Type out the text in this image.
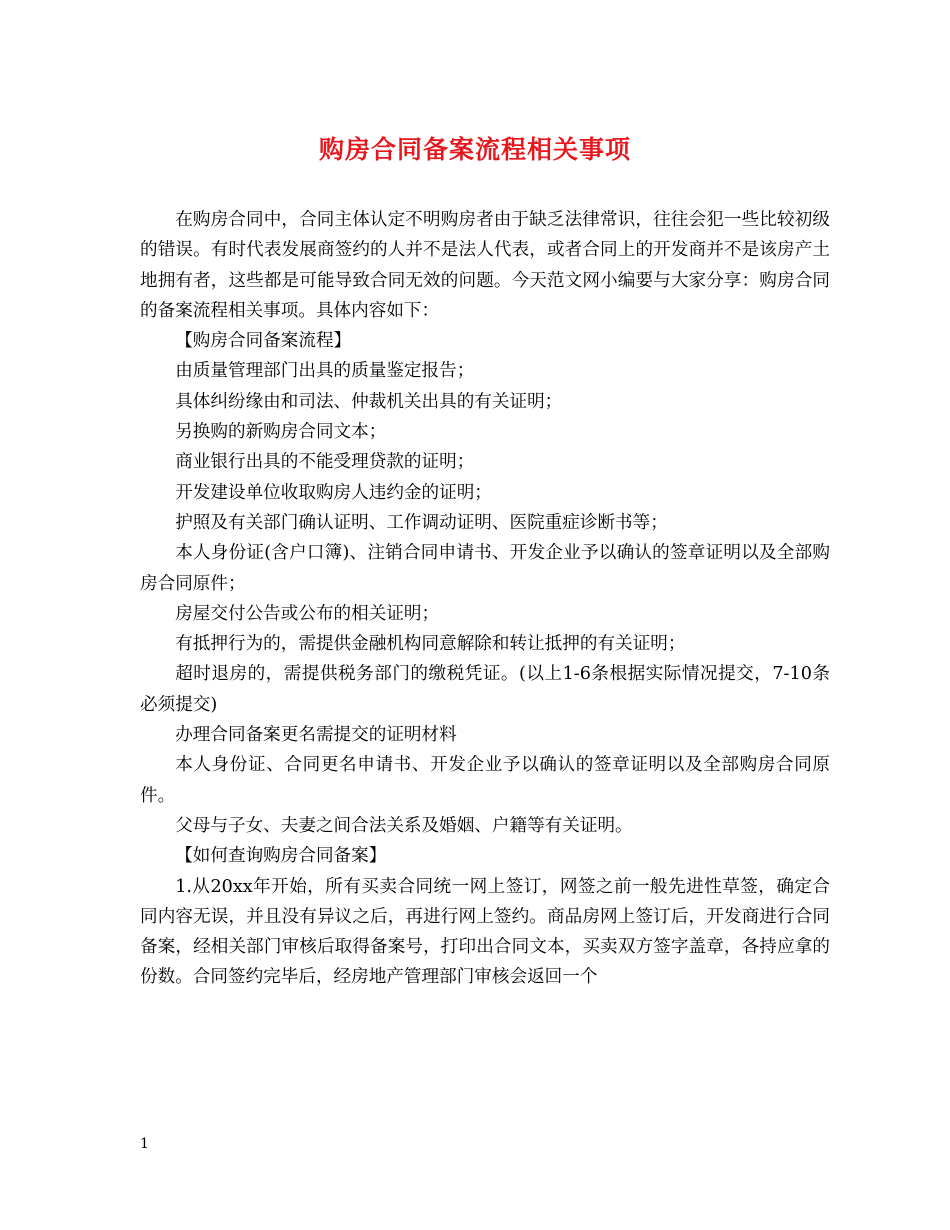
购房合同备案流程相关事项

在购房合同中，合同主体认定不明购房者由于缺乏法律常识，往往会犯一些比较初级的错误。有时代表发展商签约的人并不是法人代表，或者合同上的开发商并不是该房产土地拥有者，这些都是可能导致合同无效的问题。今天范文网小编要与大家分享：购房合同的备案流程相关事项。具体内容如下：

【购房合同备案流程】

由质量管理部门出具的质量鉴定报告；

具体纠纷缘由和司法、仲裁机关出具的有关证明；

另换购的新购房合同文本；

商业银行出具的不能受理贷款的证明；

开发建设单位收取购房人违约金的证明；

护照及有关部门确认证明、工作调动证明、医院重症诊断书等；

本人身份证(含户口簿)、注销合同申请书、开发企业予以确认的签章证明以及全部购房合同原件；

房屋交付公告或公布的相关证明；

有抵押行为的，需提供金融机构同意解除和转让抵押的有关证明；

超时退房的，需提供税务部门的缴税凭证。(以上1-6条根据实际情况提交，7-10条必须提交)

办理合同备案更名需提交的证明材料

本人身份证、合同更名申请书、开发企业予以确认的签章证明以及全部购房合同原件。

父母与子女、夫妻之间合法关系及婚姻、户籍等有关证明。

【如何查询购房合同备案】

1.从20xx年开始，所有买卖合同统一网上签订，网签之前一般先进性草签，确定合同内容无误，并且没有异议之后，再进行网上签约。商品房网上签订后，开发商进行合同备案，经相关部门审核后取得备案号，打印出合同文本，买卖双方签字盖章，各持应拿的份数。合同签约完毕后，经房地产管理部门审核会返回一个

1
